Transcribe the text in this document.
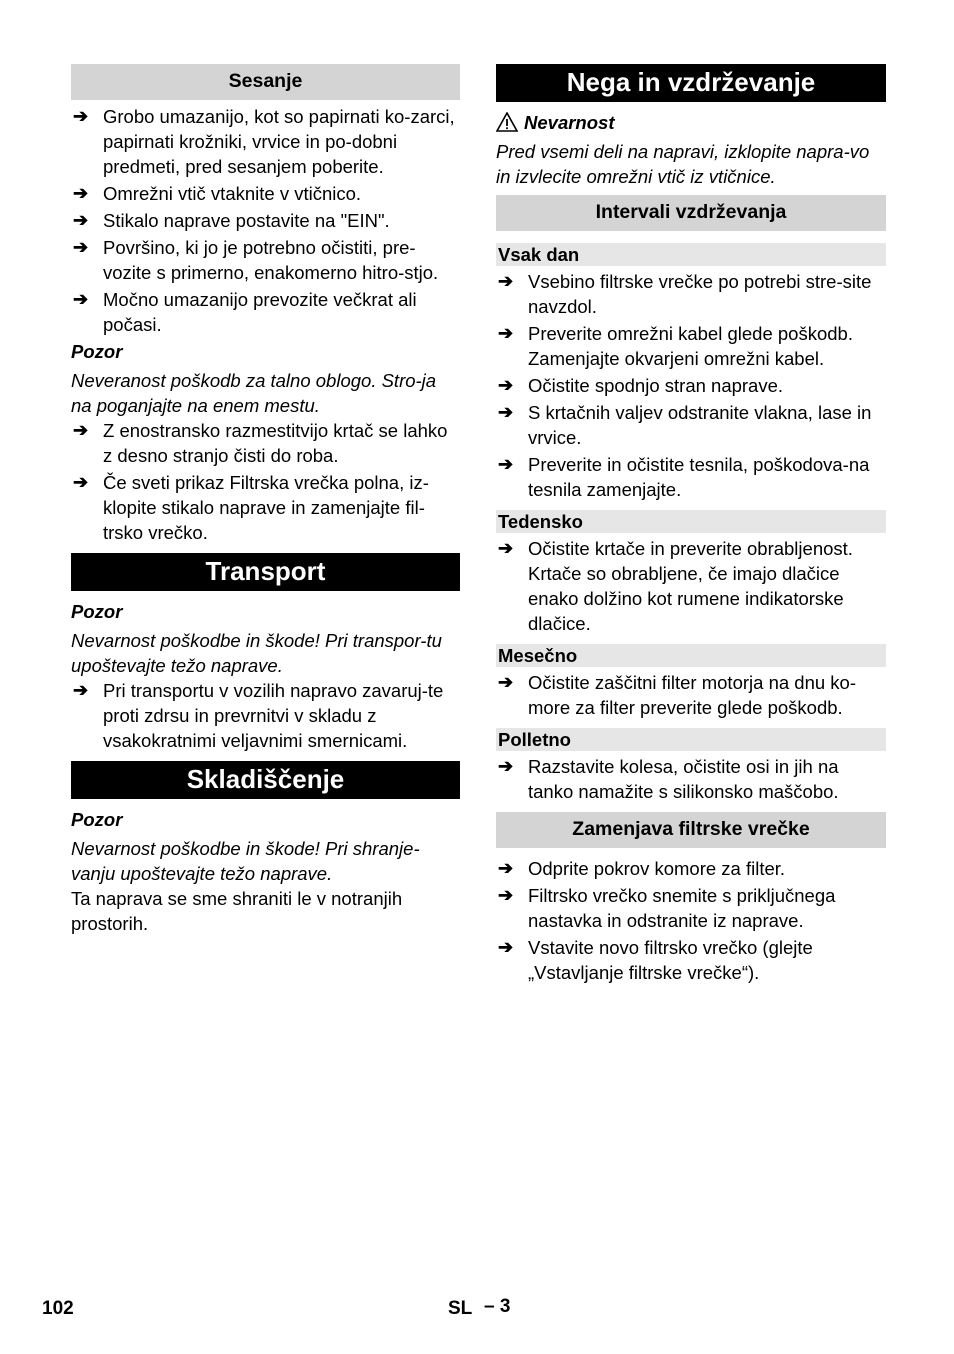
Sesanje
➔ Grobo umazanijo, kot so papirnati ko-zarci, papirnati krožniki, vrvice in po-dobni predmeti, pred sesanjem poberite.
➔ Omrežni vtič vtaknite v vtičnico.
➔ Stikalo naprave postavite na "EIN".
➔ Površino, ki jo je potrebno očistiti, pre-vozite s primerno, enakomerno hitro-stjo.
➔ Močno umazanijo prevozite večkrat ali počasi.
Pozor
Neveranost poškodb za talno oblogo. Stro-ja na poganjajte na enem mestu.
➔ Z enostransko razmestitvijo krtač se lahko z desno stranjo čisti do roba.
➔ Če sveti prikaz Filtrska vrečka polna, iz-klopite stikalo naprave in zamenjajte fil-trsko vrečko.
Transport
Pozor
Nevarnost poškodbe in škode! Pri transpor-tu upoštevajte težo naprave.
➔ Pri transportu v vozilih napravo zavaruj-te proti zdrsu in prevrnitvi v skladu z vsakokratnimi veljavnimi smernicami.
Skladiščenje
Pozor
Nevarnost poškodbe in škode! Pri shranje-vanju upoštevajte težo naprave.
Ta naprava se sme shraniti le v notranjih prostorih.
Nega in vzdrževanje
Nevarnost
Pred vsemi deli na napravi, izklopite napra-vo in izvlecite omrežni vtič iz vtičnice.
Intervali vzdrževanja
Vsak dan
➔ Vsebino filtrske vrečke po potrebi stre-site navzdol.
➔ Preverite omrežni kabel glede poškodb. Zamenjajte okvarjeni omrežni kabel.
➔ Očistite spodnjo stran naprave.
➔ S krtačnih valjev odstranite vlakna, lase in vrvice.
➔ Preverite in očistite tesnila, poškodova-na tesnila zamenjajte.
Tedensko
➔ Očistite krtače in preverite obrabljenost. Krtače so obrabljene, če imajo dlačice enako dolžino kot rumene indikatorske dlačice.
Mesečno
➔ Očistite zaščitni filter motorja na dnu ko-more za filter preverite glede poškodb.
Polletno
➔ Razstavite kolesa, očistite osi in jih na tanko namažite s silikonsko maščobo.
Zamenjava filtrske vrečke
➔ Odprite pokrov komore za filter.
➔ Filtrsko vrečko snemite s priključnega nastavka in odstranite iz naprave.
➔ Vstavite novo filtrsko vrečko (glejte „Vstavljanje filtrske vrečke“).
102	SL – 3
